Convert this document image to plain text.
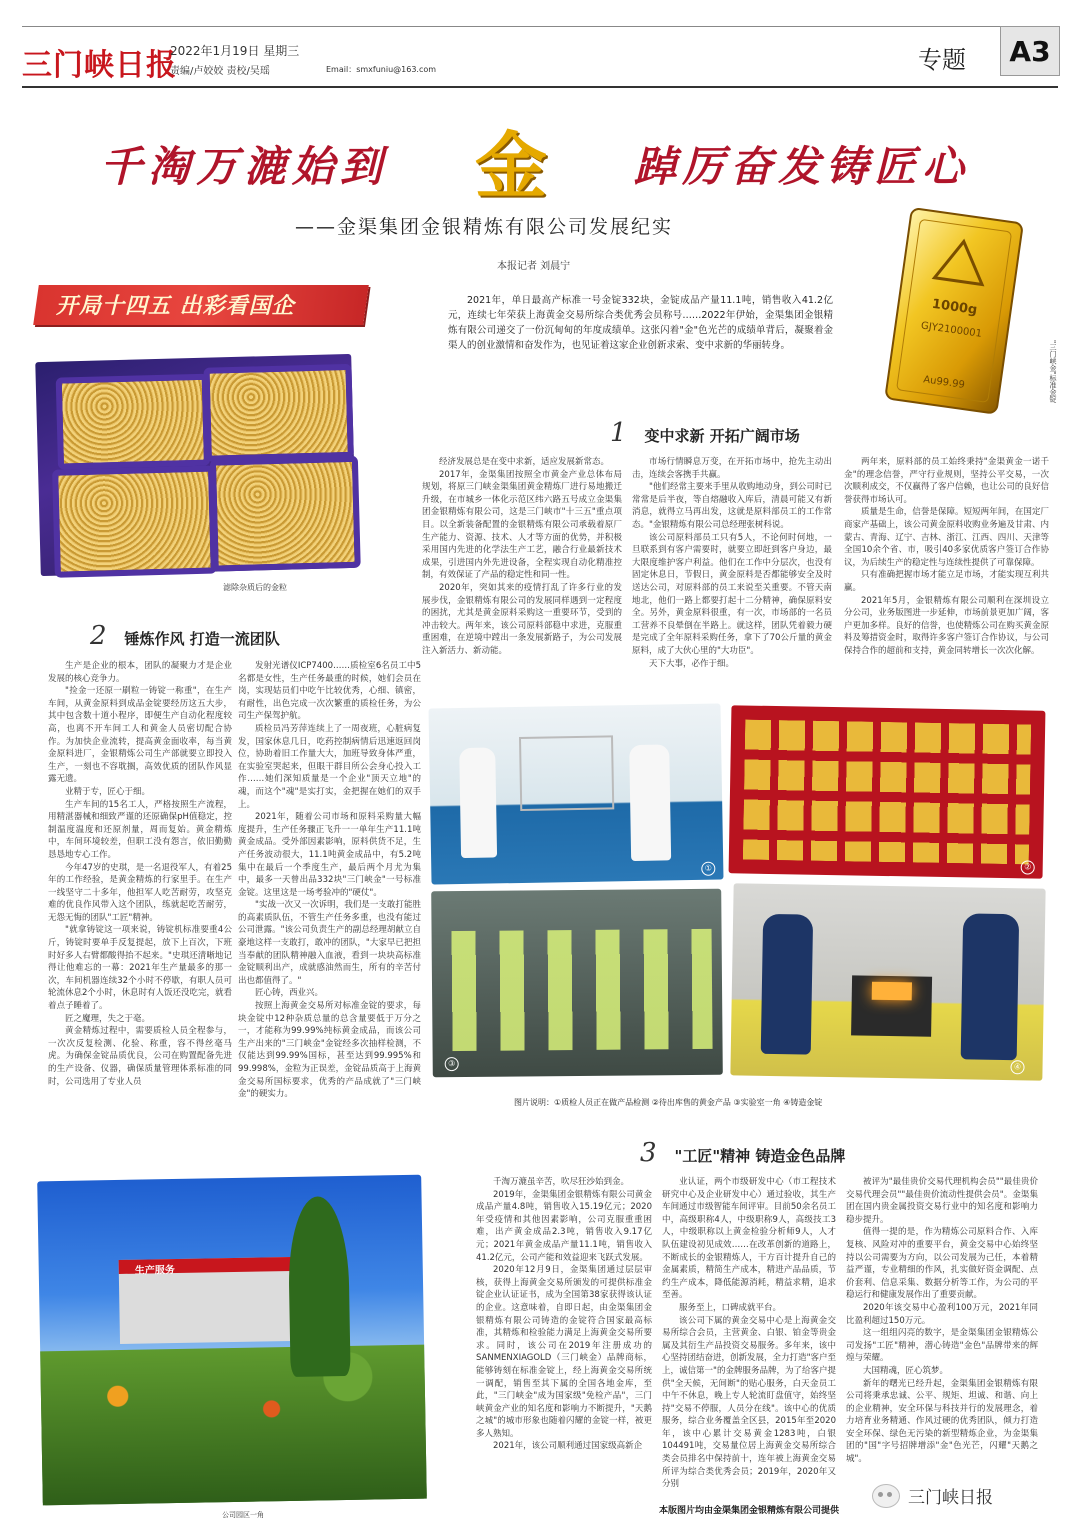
三门峡日报
2022年1月19日 星期三
责编/卢姣姣 责校/吴瑶	Email：smxfuniu@163.com	专题	A3
千淘万漉始到 金 踔厉奋发铸匠心
——金渠集团金银精炼有限公司发展纪实
本报记者 刘晨宁
开局十四五 出彩看国企	2021年，单日最高产标准一号金锭332块，金锭成品产量11.1吨，销售收入41.2亿元，连续七年荣获上海黄金交易所综合类优秀会员称号……2022年伊始，金渠集团金银精炼有限公司递交了一份沉甸甸的年度成绩单。这张闪着"金"色光芒的成绩单背后，凝聚着金渠人的创业激情和奋发作为，也见证着这家企业创新求索、变中求新的华丽转身。
1000g
GJY2100001
Au99.99	"三门峡金"标准金锭
滤除杂质后的金粒
1 变中求新 开拓广阔市场

经济发展总是在变中求新，适应发展新常态。

2017年，金渠集团按照全市黄金产业总体布局规划，将原三门峡金渠集团黄金精炼厂进行易地搬迁升级，在市城乡一体化示范区纬六路五号成立金渠集团金银精炼有限公司，这是三门峡市"十三五"重点项目。以全新装备配置的金银精炼有限公司承载着原厂生产能力、资源、技术、人才等方面的优势，并积极采用国内先进的化学法生产工艺，融合行业最新技术成果，引进国内外先进设备，全程实现自动化精准控制，有效保证了产品的稳定性和同一性。

2020年，突如其来的疫情打乱了许多行业的发展步伐，金银精炼有限公司的发展同样遇到一定程度的困扰，尤其是黄金原料采购这一重要环节，受到的冲击较大。两年来，该公司原料部稳中求进，克服重重困难，在逆境中蹚出一条发展新路子，为公司发展注入新活力、新动能。

市场行情瞬息万变，在开拓市场中，抢先主动出击，连续会客携手共赢。

"他们经常主要来手里从收购地动身，到公司时已常常是后半夜，等自熔融收入库后，清晨可能又有新消息，就得立马再出发，这就是原料部员工的工作常态。"金银精炼有限公司总经理张树科说。

该公司原料部员工只有5人，不论何时何地，一旦联系到有客户需要时，就要立即赶到客户身边，最大限度维护客户利益。他们在工作中分层次，也没有固定休息日，节假日，黄金原料是否都能够安全及时送达公司，对原料部的员工来说至关重要。不管天南地北，他们一路上都要打起十二分精神，确保原料安全。另外，黄金原料很重，有一次，市场部的一名员工营养不良晕倒在半路上。就这样，团队凭着毅力硬是完成了全年原料采购任务，拿下了70公斤量的黄金原料，成了大伙心里的"大功臣"。

天下大事，必作于细。

两年来，原料部的员工始终秉持"金渠黄金一诺千金"的理念信誉，严守行业规则，坚持公平交易，一次次顺利成交，不仅赢得了客户信赖，也让公司的良好信誉获得市场认可。

质量是生命，信誉是保障。短短两年间，在国定厂商家产基础上，该公司黄金原料收购业务遍及甘肃、内蒙古、青海、辽宁、吉林、浙江、江西、四川、天津等全国10余个省、市，吸引40多家优质客户签订合作协议，为后续生产的稳定性与连续性提供了可靠保障。

只有准确把握市场才能立足市场，才能实现互利共赢。

2021年5月，金银精炼有限公司顺利在深圳设立分公司，业务版图进一步延伸，市场前景更加广阔，客户更加多样。良好的信誉，也使精炼公司在购买黄金原料及筹措资金时，取得许多客户签订合作协议，与公司保持合作的超前和支持，黄金同转增长一次次化解。

2 锤炼作风 打造一流团队

生产是企业的根本，团队的凝聚力才是企业发展的核心竞争力。

"捡金一还原一刷粒一铸锭一称重"，在生产车间，从黄金原料到成品金锭要经历这五大步，其中包含数十道小程序，即便生产自动化程度较高，也离不开车间工人和黄金人员密切配合协作。为加快企业流转，提高黄金面收率，每当黄金原料进厂，金银精炼公司生产部就要立即投入生产，一刻也不容耽搁，高效优质的团队作风显露无遗。

业精于专，匠心于细。

生产车间的15名工人，严格按照生产流程，用精湛器械和细致严谨的还原确保pH值稳定，控制温度温度和还原剂量，周而复始。黄金精炼中，车间环境较差，但职工没有怨言，依旧勤勤恳恳地专心工作。

今年47岁的史琪，是一名退役军人，有着25年的工作经验，是黄金精炼的行家里手。在生产一线坚守二十多年，他担军人吃苦耐劳，攻坚克难的优良作风带入这个团队，练就起吃苦耐劳，无怨无悔的团队"工匠"精神。

"就拿铸锭这一项来说，铸锭机标准要重4公斤，铸锭时要单手反复提起，放下上百次，下班时好多人右臂都酸得抬不起来。"史琪还清晰地记得让他难忘的一幕：2021年生产量最多的那一次，车间机器连续32个小时不停歇，有职人员可轮流休息2个小时，休息时有人饭还没吃完，就看着点子睡着了。

匠之魔理，失之于毫。

黄金精炼过程中，需要质检人员全程参与，一次次反复检测、化验、称重，容不得丝毫马虎。为确保金锭品质优良，公司在购置配备先进的生产设备、仪器，确保质量管理体系标准的同时，公司选用了专业人员

发射光谱仪ICP7400……质检室6名员工中5名都是女性，生产任务最重的时候，她们会员在岗，实现姑员们中吃午比较优秀，心细、镇密，有耐性，出色完成一次次繁重的质检任务，为公司生产保驾护航。

质检员冯芳萍连续上了一周夜班，心脏病复发，国家休息几日，吃药控制病情后迅速返回岗位，协助着旧工作量大大，加班导致身体严重，在实验室哭起来，但眼干群目所公会身心投入工作……她们深知质量是一个企业"顶天立地"的魂，而这个"魂"是实打实，金把握在她们的双手上。

2021年，随着公司市场和原料采购量大幅度提升，生产任务骤正飞升一一单年生产11.1吨黄金成品。受外部因素影响，原料供货不足，生产任务波动很大，11.1吨黄金成品中，有5.2吨集中在最后一个季度生产，最后两个月尤为集中，最多一天曾出品332块"三门峡金"一号标准金锭。这里这是一场考验冲的"硬仗"。

"实战一次又一次诉明，我们是一支敢打能胜的高素质队伍，不管生产任务多重，也没有能过公司泄露。"该公司负责生产的副总经理胡献立自豪地这样一支敢打，敢冲的团队，"大家早已把担当奉献的团队精神融入血液，看到一块块高标准金锭顺利出产，成就感油然而生，所有的辛苦付出也都值得了。"

匠心铸，西业兴。

按照上海黄金交易所对标准金锭的要求，每块金锭中12种杂质总量的总含量要低于万分之一，才能称为99.99%纯标黄金成品，而该公司生产出来的"三门峡金"金锭经多次抽样检测，不仅能达到99.99%国标，甚至达到99.995%和99.998%，金粒为正误差，金锭品质高于上海黄金交易所国标要求，优秀的产品成就了"三门峡金"的硬实力。

①	②
③	④
图片说明：①质检人员正在做产品检测 ②待出库售的黄金产品 ③实验室一角 ④铸造金锭
3 "工匠"精神 铸造金色品牌

千淘万漉虽辛苦，吹尽狂沙始到金。

2019年，金渠集团金银精炼有限公司黄金成品产量4.8吨，销售收入15.19亿元；2020年受疫情和其他因素影响，公司克服重重困难，出产黄金成品2.3吨，销售收入9.17亿元；2021年黄金成品产量11.1吨，销售收入41.2亿元，公司产能和效益迎来飞跃式发展。

2020年12月9日，金渠集团通过层层审核，获得上海黄金交易所颁发的可提供标准金锭企业认证证书，成为全国第38家获得该认证的企业。这意味着，自即日起，由金渠集团金银精炼有限公司铸造的金锭符合国家最高标准，其精炼和检验能力满足上海黄金交易所要求。同时，该公司在2019年注册成功的SANMENXIAGOLD（三门峡金）品牌商标，能够铸刻在标准金锭上，经上海黄金交易所统一调配，销售至其下属的全国各地金库，至此，"三门峡金"成为国家级"免检产品"，三门峡黄金产业的知名度和影响力不断提升，"天鹅之城"的城市形象也随着闪耀的金锭一样，被更多人熟知。

2021年，该公司顺利通过国家级高新企

业认证，两个市级研发中心（市工程技术研究中心及企业研发中心）通过验收，其生产车间通过市级智能车间评审。目前50余名员工中，高级职称4人，中级职称9人，高级技工3人，中级职称以上黄金检验分析师9人，人才队伍建设初见成效……在改革创新的道路上，不断成长的金银精炼人，干方百计提升自己的金属素质，精简生产成本，精进产品品质，节约生产成本，降低能源消耗，精益求精，追求至善。

服务至上，口碑成就平台。

该公司下属的黄金交易中心是上海黄金交易所综合会员，主营黄金、白银、铂金等贵金属及其衍生产品投资交易服务。多年来，该中心坚持团结奋进，创新发展，全力打造"客户至上，诚信第一"的金牌服务品牌，为了给客户提供"全天候，无间断"的贴心服务，白天金员工中午不休息，晚上专人轮流盯盘值守，始终坚持"交易不停服，人员分在线"。该中心的优质服务，综合业务覆盖全区县，2015年至2020年，该中心累计交易黄金1283吨，白银104491吨，交易量位居上海黄金交易所综合类会员排名中保持前十，连年被上海黄金交易所评为综合类优秀会员；2019年，2020年又分别

被评为"最佳贵价交易代理机构会员""最佳贵价交易代理会员""最佳贵价流动性提供会员"。金渠集团在国内贵金属投资交易行业中的知名度和影响力稳步提升。

值得一提的是，作为精炼公司原料合作、入库复核、风险对冲的重要平台，黄金交易中心始终坚持以公司需要为方向，以公司发展为己任，本着精益严谨，专业精细的作风，扎实做好资金调配、点价套利、信息采集、数据分析等工作，为公司的平稳运行和健康发展作出了重要贡献。

2020年该交易中心盈利100万元，2021年同比盈利超过150万元。

这一组组闪亮的数字，是金渠集团金银精炼公司发扬"工匠"精神，潜心铸造"金色"品牌带来的辉煌与荣耀。

大国精魂，匠心筑梦。

新年的曙光已经升起，金渠集团金银精炼有限公司将秉承忠诚、公平、规矩、坦诚、和谐、向上的企业精神，安全环保与科技并行的发展理念，着力培育业务精通、作风过硬的优秀团队，倾力打造安全环保、绿色无污染的新型精炼企业，为金渠集团的"国"字号招牌增添"金"色光芒，闪耀"天鹅之城"。

生产服务
公司园区一角	本版图片均由金渠集团金银精炼有限公司提供
三门峡日报
